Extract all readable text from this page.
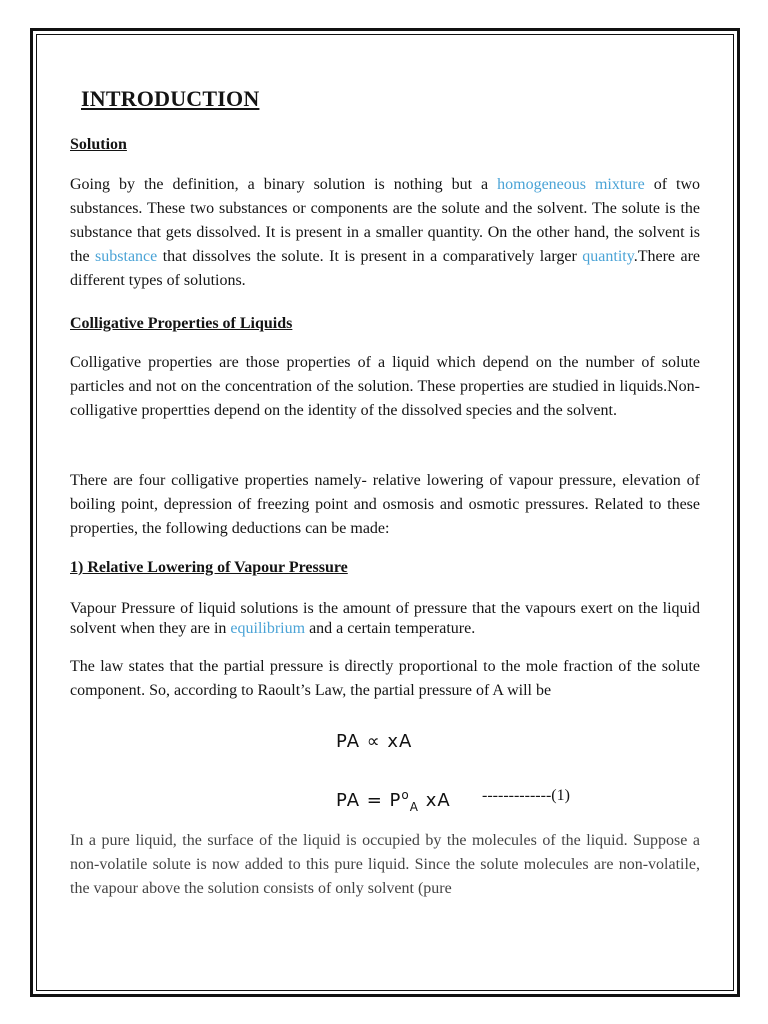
INTRODUCTION
Solution

Going by the definition, a binary solution is nothing but a homogeneous mixture of two substances. These two substances or components are the solute and the solvent. The solute is the substance that gets dissolved. It is present in a smaller quantity. On the other hand, the solvent is the substance that dissolves the solute. It is present in a comparatively larger quantity.There are different types of solutions.

Colligative Properties of Liquids

Colligative properties are those properties of a liquid which depend on the number of solute particles and not on the concentration of the solution. These properties are studied in liquids.Non-colligative propertties depend on the identity of the dissolved species and the solvent.

There are four colligative properties namely- relative lowering of vapour pressure, elevation of boiling point, depression of freezing point and osmosis and osmotic pressures. Related to these properties, the following deductions can be made:

1) Relative Lowering of Vapour Pressure

Vapour Pressure of liquid solutions is the amount of pressure that the vapours exert on the liquid solvent when they are in equilibrium and a certain temperature.

The law states that the partial pressure is directly proportional to the mole fraction of the solute component. So, according to Raoult’s Law, the partial pressure of A will be

PA ∝ xA
PA = $P^o_A$ xA -------------(1)

In a pure liquid, the surface of the liquid is occupied by the molecules of the liquid. Suppose a non-volatile solute is now added to this pure liquid. Since the solute molecules are non-volatile, the vapour above the solution consists of only solvent (pure
